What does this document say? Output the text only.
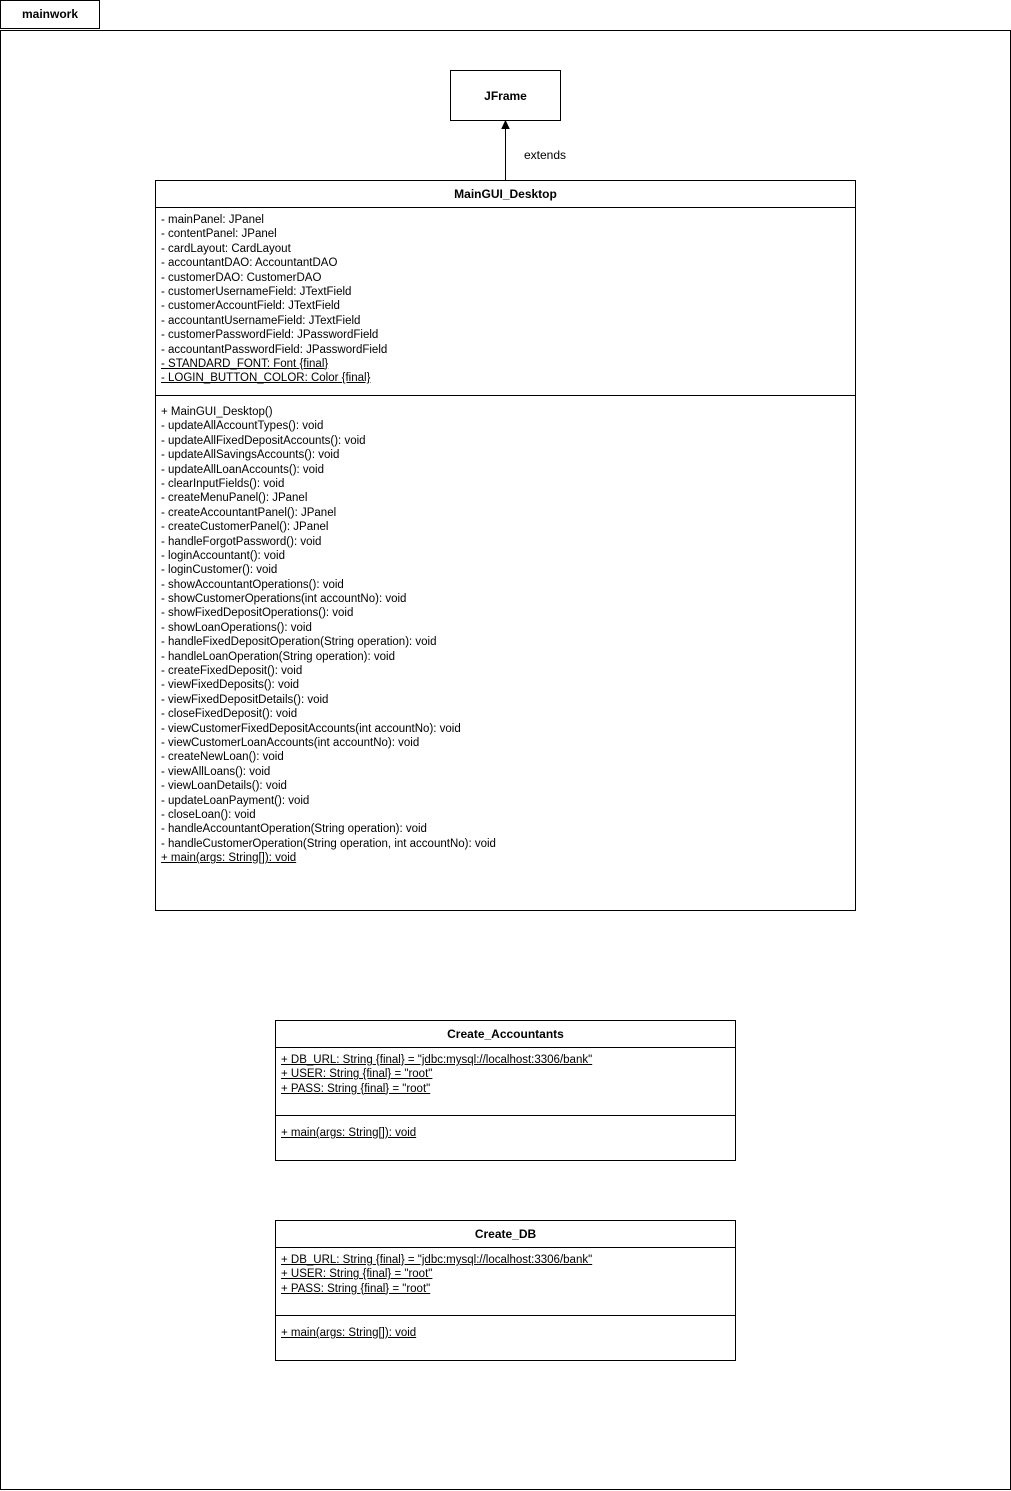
mainwork
JFrame
extends
MainGUI_Desktop
- mainPanel: JPanel
- contentPanel: JPanel
- cardLayout: CardLayout
- accountantDAO: AccountantDAO
- customerDAO: CustomerDAO
- customerUsernameField: JTextField
- customerAccountField: JTextField
- accountantUsernameField: JTextField
- customerPasswordField: JPasswordField
- accountantPasswordField: JPasswordField
- STANDARD_FONT: Font {final}
- LOGIN_BUTTON_COLOR: Color {final}
+ MainGUI_Desktop()
- updateAllAccountTypes(): void
- updateAllFixedDepositAccounts(): void
- updateAllSavingsAccounts(): void
- updateAllLoanAccounts(): void
- clearInputFields(): void
- createMenuPanel(): JPanel
- createAccountantPanel(): JPanel
- createCustomerPanel(): JPanel
- handleForgotPassword(): void
- loginAccountant(): void
- loginCustomer(): void
- showAccountantOperations(): void
- showCustomerOperations(int accountNo): void
- showFixedDepositOperations(): void
- showLoanOperations(): void
- handleFixedDepositOperation(String operation): void
- handleLoanOperation(String operation): void
- createFixedDeposit(): void
- viewFixedDeposits(): void
- viewFixedDepositDetails(): void
- closeFixedDeposit(): void
- viewCustomerFixedDepositAccounts(int accountNo): void
- viewCustomerLoanAccounts(int accountNo): void
- createNewLoan(): void
- viewAllLoans(): void
- viewLoanDetails(): void
- updateLoanPayment(): void
- closeLoan(): void
- handleAccountantOperation(String operation): void
- handleCustomerOperation(String operation, int accountNo): void
+ main(args: String[]): void
Create_Accountants
+ DB_URL: String {final} = "jdbc:mysql://localhost:3306/bank"
+ USER: String {final} = "root"
+ PASS: String {final} = "root"
+ main(args: String[]): void
Create_DB
+ DB_URL: String {final} = "jdbc:mysql://localhost:3306/bank"
+ USER: String {final} = "root"
+ PASS: String {final} = "root"
+ main(args: String[]): void
